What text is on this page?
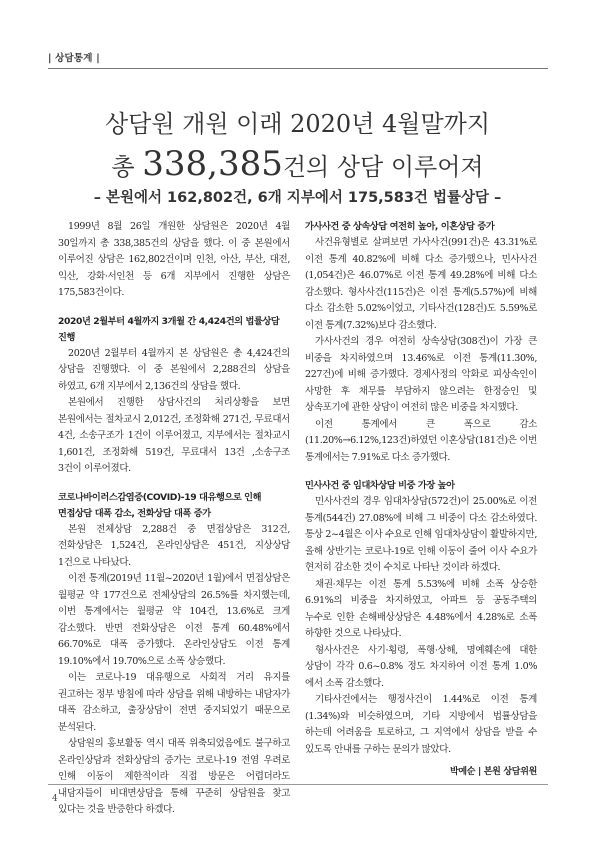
| 상담통계 |
상담원 개원 이래 2020년 4월말까지
총 338,385건의 상담 이루어져
– 본원에서 162,802건, 6개 지부에서 175,583건 법률상담 –

1999년 8월 26일 개원한 상담원은 2020년 4월 30일까지 총 338,385건의 상담을 했다. 이 중 본원에서 이루어진 상담은 162,802건이며 인천, 아산, 부산, 대전, 익산, 강화·서인천 등 6개 지부에서 진행한 상담은 175,583건이다.

2020년 2월부터 4월까지 3개월 간 4,424건의 법률상담 진행

2020년 2월부터 4월까지 본 상담원은 총 4,424건의 상담을 진행했다. 이 중 본원에서 2,288건의 상담을 하였고, 6개 지부에서 2,136건의 상담을 했다.

본원에서 진행한 상담사건의 처리상황을 보면 본원에서는 절차교시 2,012건, 조정화해 271건, 무료대서 4건, 소송구조가 1건이 이루어졌고, 지부에서는 절차교시 1,601건, 조정화해 519건, 무료대서 13건 ,소송구조 3건이 이루어졌다.

코로나바이러스감염증(COVID)-19 대유행으로 인해

면접상담 대폭 감소, 전화상담 대폭 증가

본원 전체상담 2,288건 중 면접상담은 312건, 전화상담은 1,524건, 온라인상담은 451건, 지상상담 1건으로 나타났다.

이전 통계(2019년 11월~2020년 1월)에서 면접상담은 월평균 약 177건으로 전체상담의 26.5%를 차지했는데, 이번 통계에서는 월평균 약 104건, 13.6%로 크게 감소했다. 반면 전화상담은 이전 통계 60.48%에서 66.70%로 대폭 증가했다. 온라인상담도 이전 통계 19.10%에서 19.70%으로 소폭 상승했다.

이는 코로나-19 대유행으로 사회적 거리 유지를 권고하는 정부 방침에 따라 상담을 위해 내방하는 내담자가 대폭 감소하고, 출장상담이 전면 중지되었기 때문으로 분석된다.

상담원의 홍보활동 역시 대폭 위축되었음에도 불구하고 온라인상담과 전화상담의 증가는 코로나-19 전염 우려로 인해 이동이 제한적이라 직접 방문은 어렵더라도 내담자들이 비대면상담을 통해 꾸준히 상담원을 찾고 있다는 것을 반증한다 하겠다.

가사사건 중 상속상담 여전히 높아, 이혼상담 증가

사건유형별로 살펴보면 가사사건(991건)은 43.31%로 이전 통계 40.82%에 비해 다소 증가했으나, 민사사건(1,054건)은 46.07%로 이전 통계 49.28%에 비해 다소 감소했다. 형사사건(115건)은 이전 통계(5.57%)에 비해 다소 감소한 5.02%이었고, 기타사건(128건)도 5.59%로 이전 통계(7.32%)보다 감소했다.

가사사건의 경우 여전히 상속상담(308건)이 가장 큰 비중을 차지하였으며 13.46%로 이전 통계(11.30%, 227건)에 비해 증가했다. 경제사정의 악화로 피상속인이 사망한 후 채무를 부담하지 않으려는 한정승인 및 상속포기에 관한 상담이 여전히 많은 비중을 차지했다.

이전 통계에서 큰 폭으로 감소(11.20%→6.12%,123건)하였던 이혼상담(181건)은 이번 통계에서는 7.91%로 다소 증가했다.

민사사건 중 임대차상담 비중 가장 높아

민사사건의 경우 임대차상담(572건)이 25.00%로 이전 통계(544건) 27.08%에 비해 그 비중이 다소 감소하였다. 통상 2~4월은 이사 수요로 인해 임대차상담이 활발하지만, 올해 상반기는 코로나-19로 인해 이동이 줄어 이사 수요가 현저히 감소한 것이 수치로 나타난 것이라 하겠다.

채권·채무는 이전 통계 5.53%에 비해 소폭 상승한 6.91%의 비중을 차지하였고, 아파트 등 공동주택의 누수로 인한 손해배상상담은 4.48%에서 4.28%로 소폭 하향한 것으로 나타났다.

형사사건은 사기·횡령, 폭행·상해, 명예훼손에 대한 상담이 각각 0.6~0.8% 정도 차지하여 이전 통계 1.0%에서 소폭 감소했다.

기타사건에서는 행정사건이 1.44%로 이전 통계(1.34%)와 비슷하였으며, 기타 지방에서 법률상담을 하는데 어려움을 토로하고, 그 지역에서 상담을 받을 수 있도록 안내를 구하는 문의가 많았다.

박예순 | 본원 상담위원

4
